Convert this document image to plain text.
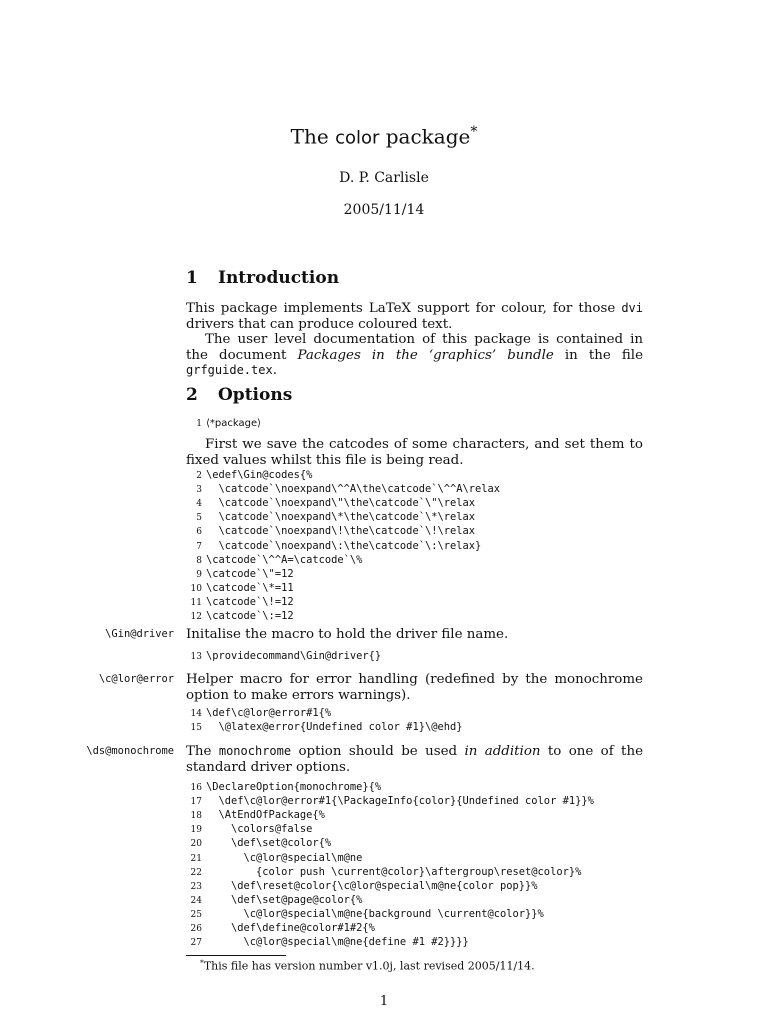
The color package*
D. P. Carlisle
2005/11/14
1 Introduction
This package implements LaTeX support for colour, for those dvi drivers that can produce coloured text.
The user level documentation of this package is contained in the document Packages in the ‘graphics’ bundle in the file grfguide.tex.
2 Options
1 ⟨*package⟩
First we save the catcodes of some characters, and set them to fixed values whilst this file is being read.
2 \edef\Gin@codes{%
3  \catcode`\noexpand\^^A\the\catcode`\^^A\relax
4  \catcode`\noexpand\"\the\catcode`\"\relax
5  \catcode`\noexpand\*\the\catcode`\*\relax
6  \catcode`\noexpand\!\the\catcode`\!\relax
7  \catcode`\noexpand\:\the\catcode`\:\relax}
8 \catcode`\^^A=\catcode`\%
9 \catcode`\"=12
10 \catcode`\*=11
11 \catcode`\!=12
12 \catcode`\:=12
\Gin@driver Initalise the macro to hold the driver file name.
13 \providecommand\Gin@driver{}
\c@lor@error Helper macro for error handling (redefined by the monochrome option to make errors warnings).
14 \def\c@lor@error#1{%
15  \@latex@error{Undefined color #1}\@ehd}
\ds@monochrome The monochrome option should be used in addition to one of the standard driver options.
16 \DeclareOption{monochrome}{%
17  \def\c@lor@error#1{\PackageInfo{color}{Undefined color #1}}%
18  \AtEndOfPackage{%
19    \colors@false
20    \def\set@color{%
21      \c@lor@special\m@ne
22        {color push \current@color}\aftergroup\reset@color}%
23    \def\reset@color{\c@lor@special\m@ne{color pop}}%
24    \def\set@page@color{%
25      \c@lor@special\m@ne{background \current@color}}%
26    \def\define@color#1#2{%
27      \c@lor@special\m@ne{define #1 #2}}}}
*This file has version number v1.0j, last revised 2005/11/14.
1
